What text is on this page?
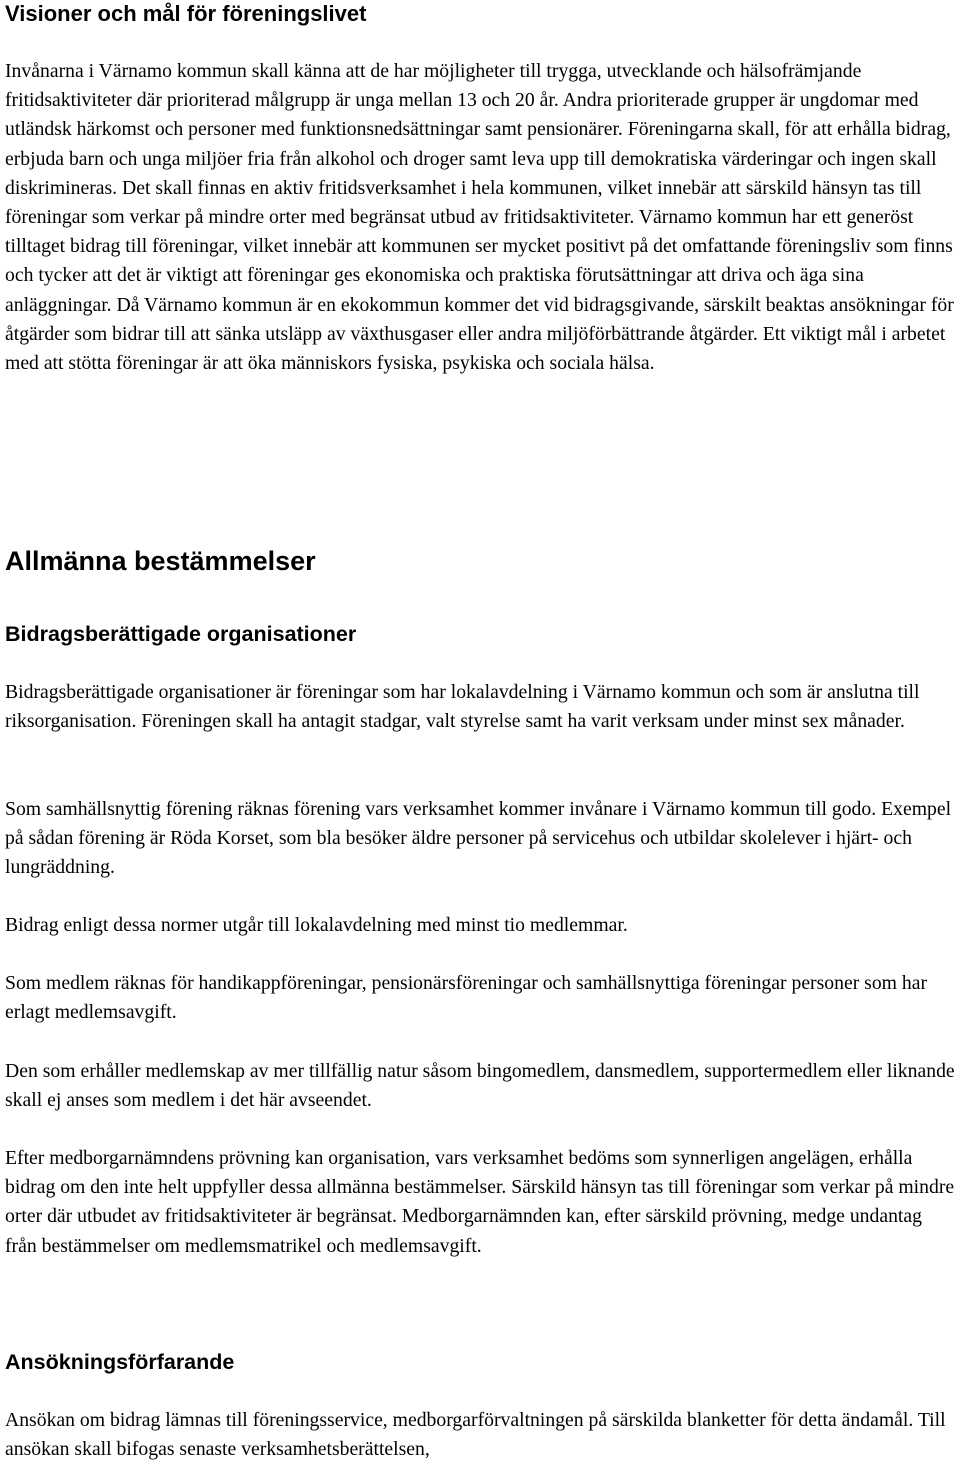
Visioner och mål för föreningslivet

Invånarna i Värnamo kommun skall känna att de har möjligheter till trygga, utvecklande och hälsofrämjande fritidsaktiviteter där prioriterad målgrupp är unga mellan 13 och 20 år. Andra prioriterade grupper är ungdomar med utländsk härkomst och personer med funktionsnedsättningar samt pensionärer. Föreningarna skall, för att erhålla bidrag, erbjuda barn och unga miljöer fria från alkohol och droger samt leva upp till demokratiska värderingar och ingen skall diskrimineras. Det skall finnas en aktiv fritidsverksamhet i hela kommunen, vilket innebär att särskild hänsyn tas till föreningar som verkar på mindre orter med begränsat utbud av fritidsaktiviteter. Värnamo kommun har ett generöst tilltaget bidrag till föreningar, vilket innebär att kommunen ser mycket positivt på det omfattande föreningsliv som finns och tycker att det är viktigt att föreningar ges ekonomiska och praktiska förutsättningar att driva och äga sina anläggningar. Då Värnamo kommun är en ekokommun kommer det vid bidragsgivande, särskilt beaktas ansökningar för åtgärder som bidrar till att sänka utsläpp av växthusgaser eller andra miljöförbättrande åtgärder. Ett viktigt mål i arbetet med att stötta föreningar är att öka människors fysiska, psykiska och sociala hälsa.

Allmänna bestämmelser
Bidragsberättigade organisationer

Bidragsberättigade organisationer är föreningar som har lokalavdelning i Värnamo kommun och som är anslutna till riksorganisation. Föreningen skall ha antagit stadgar, valt styrelse samt ha varit verksam under minst sex månader.

Som samhällsnyttig förening räknas förening vars verksamhet kommer invånare i Värnamo kommun till godo. Exempel på sådan förening är Röda Korset, som bla besöker äldre personer på servicehus och utbildar skolelever i hjärt- och lungräddning.

Bidrag enligt dessa normer utgår till lokalavdelning med minst tio medlemmar.

Som medlem räknas för handikappföreningar, pensionärsföreningar och samhällsnyttiga föreningar personer som har erlagt medlemsavgift.

Den som erhåller medlemskap av mer tillfällig natur såsom bingomedlem, dansmedlem, supportermedlem eller liknande skall ej anses som medlem i det här avseendet.

Efter medborgarnämndens prövning kan organisation, vars verksamhet bedöms som synnerligen angelägen, erhålla bidrag om den inte helt uppfyller dessa allmänna bestämmelser. Särskild hänsyn tas till föreningar som verkar på mindre orter där utbudet av fritidsaktiviteter är begränsat. Medborgarnämnden kan, efter särskild prövning, medge undantag från bestämmelser om medlemsmatrikel och medlemsavgift.

Ansökningsförfarande

Ansökan om bidrag lämnas till föreningsservice, medborgarförvaltningen på särskilda blanketter för detta ändamål. Till ansökan skall bifogas senaste verksamhetsberättelsen,
